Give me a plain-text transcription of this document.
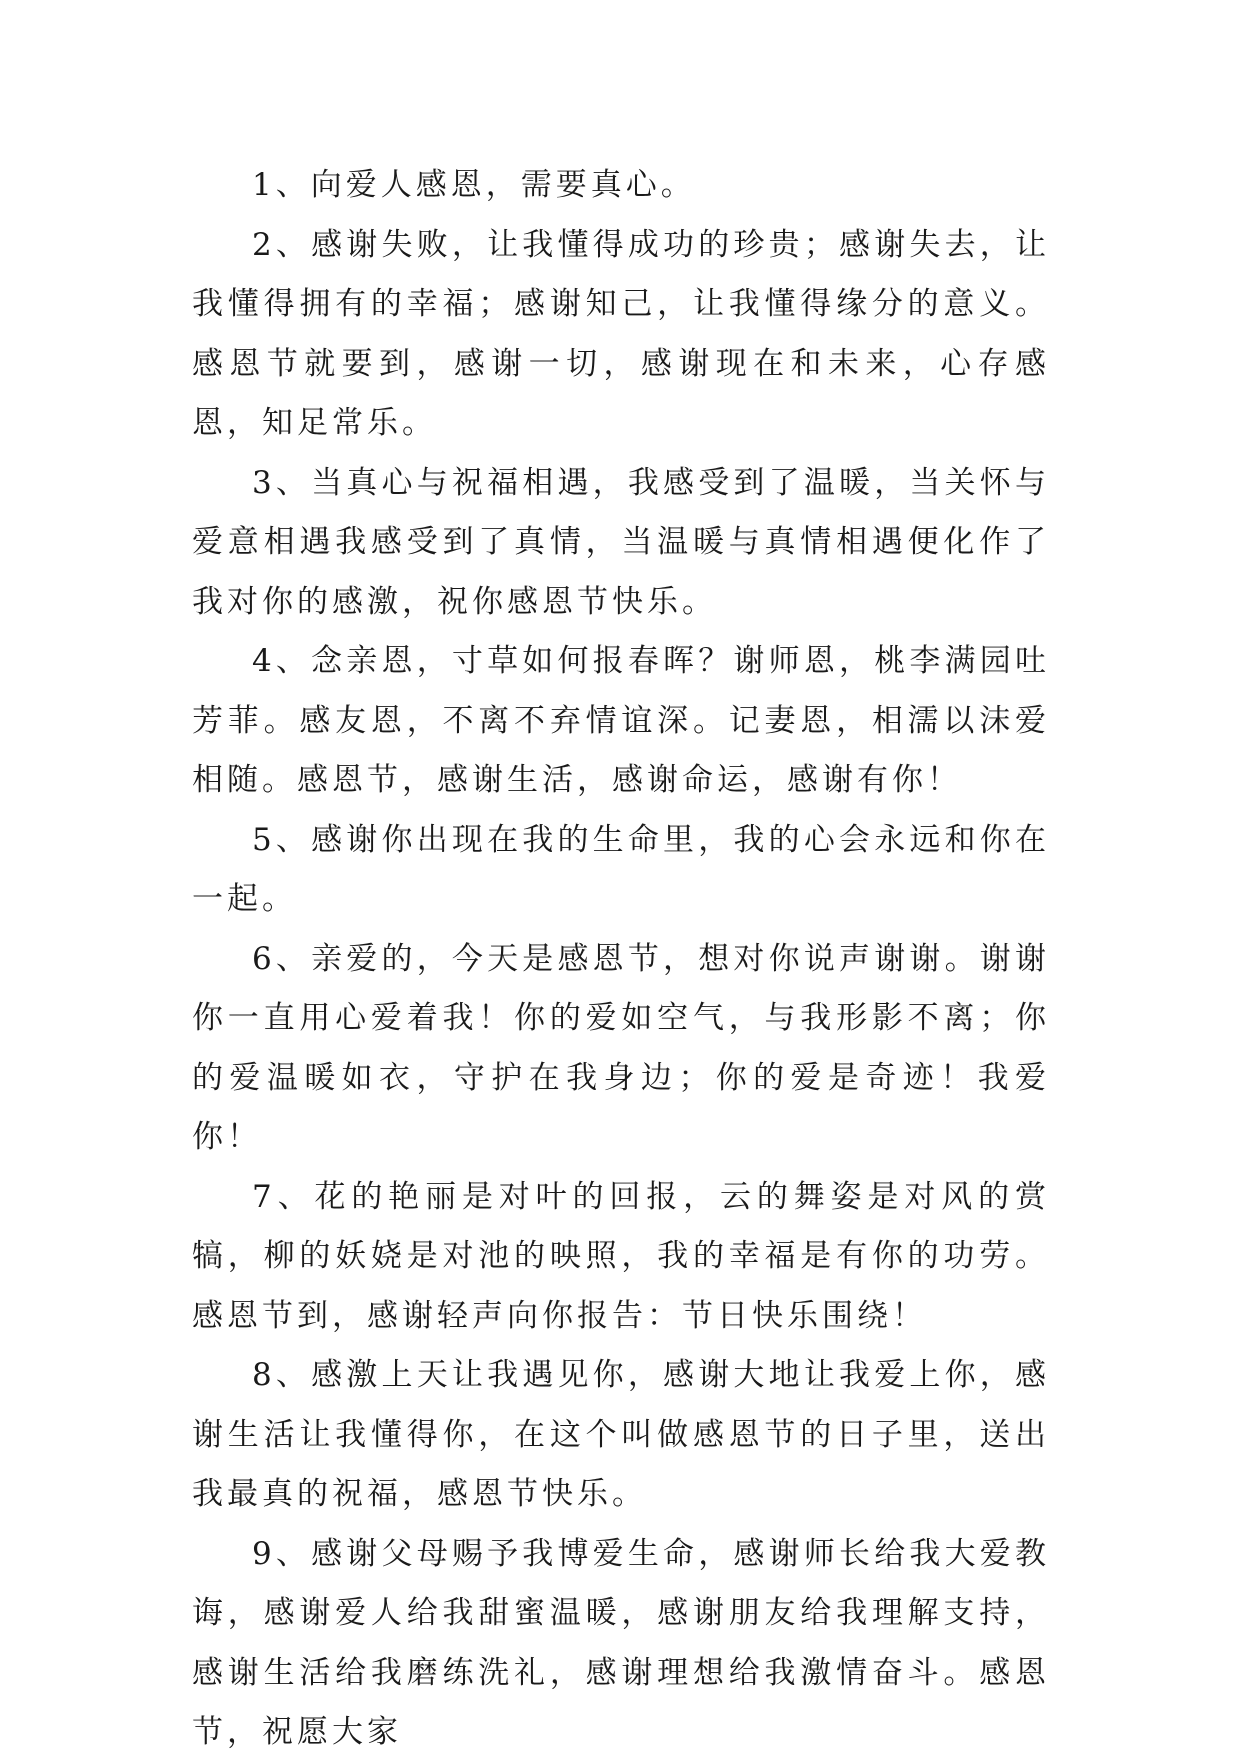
1、向爱人感恩，需要真心。

2、感谢失败，让我懂得成功的珍贵；感谢失去，让我懂得拥有的幸福；感谢知己，让我懂得缘分的意义。感恩节就要到，感谢一切，感谢现在和未来，心存感恩，知足常乐。

3、当真心与祝福相遇，我感受到了温暖，当关怀与爱意相遇我感受到了真情，当温暖与真情相遇便化作了我对你的感激，祝你感恩节快乐。

4、念亲恩，寸草如何报春晖？谢师恩，桃李满园吐芳菲。感友恩，不离不弃情谊深。记妻恩，相濡以沫爱相随。感恩节，感谢生活，感谢命运，感谢有你！

5、感谢你出现在我的生命里，我的心会永远和你在一起。

6、亲爱的，今天是感恩节，想对你说声谢谢。谢谢你一直用心爱着我！你的爱如空气，与我形影不离；你的爱温暖如衣，守护在我身边；你的爱是奇迹！我爱你！

7、花的艳丽是对叶的回报，云的舞姿是对风的赏犒，柳的妖娆是对池的映照，我的幸福是有你的功劳。感恩节到，感谢轻声向你报告：节日快乐围绕！

8、感激上天让我遇见你，感谢大地让我爱上你，感谢生活让我懂得你，在这个叫做感恩节的日子里，送出我最真的祝福，感恩节快乐。

9、感谢父母赐予我博爱生命，感谢师长给我大爱教诲，感谢爱人给我甜蜜温暖，感谢朋友给我理解支持，感谢生活给我磨练洗礼，感谢理想给我激情奋斗。感恩节，祝愿大家
